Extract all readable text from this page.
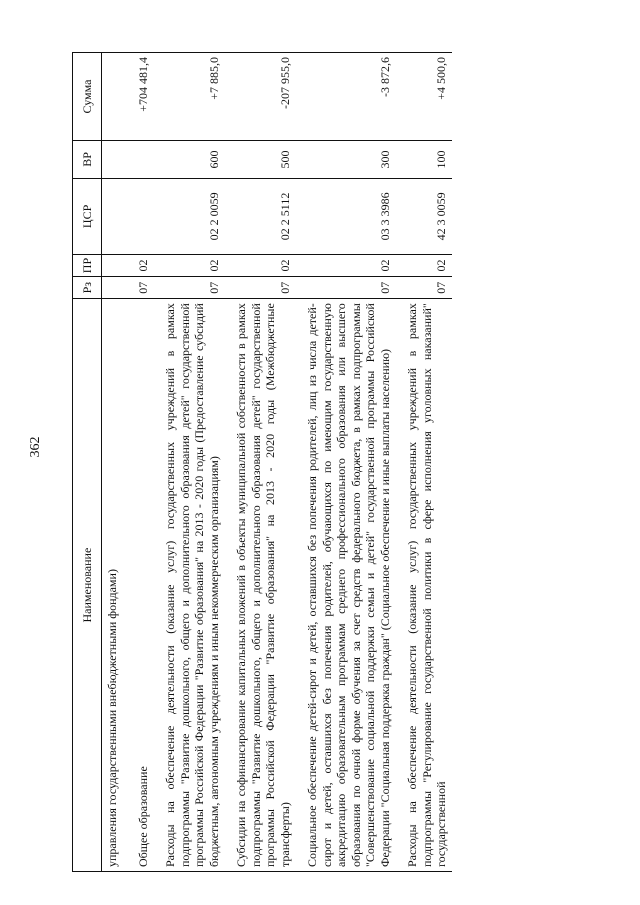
362
Наименование	Рз	ПР	ЦСР	ВР	Сумма
управления государственными внебюджетными фондами)					
Общее образование	07	02			+704 481,4
Расходы на обеспечение деятельности (оказание услуг) государственных учреждений в рамках подпрограммы "Развитие дошкольного, общего и дополнительного образования детей" государственной программы Российской Федерации "Развитие образования" на 2013 - 2020 годы (Предоставление субсидий бюджетным, автономным учреждениям и иным некоммерческим организациям)	07	02	02 2 0059	600	+7 885,0
Субсидии на софинансирование капитальных вложений в объекты муниципальной собственности в рамках подпрограммы "Развитие дошкольного, общего и дополнительного образования детей" государственной программы Российской Федерации "Развитие образования" на 2013 - 2020 годы (Межбюджетные трансферты)	07	02	02 2 5112	500	-207 955,0
Социальное обеспечение детей-сирот и детей, оставшихся без попечения родителей, лиц из числа детей-сирот и детей, оставшихся без попечения родителей, обучающихся по имеющим государственную аккредитацию образовательным программам среднего профессионального образования или высшего образования по очной форме обучения за счет средств федерального бюджета, в рамках подпрограммы "Совершенствование социальной поддержки семьи и детей" государственной программы Российской Федерации "Социальная поддержка граждан" (Социальное обеспечение и иные выплаты населению)	07	02	03 3 3986	300	-3 872,6
Расходы на обеспечение деятельности (оказание услуг) государственных учреждений в рамках подпрограммы "Регулирование государственной политики в сфере исполнения уголовных наказаний" государственной	07	02	42 3 0059	100	+4 500,0
